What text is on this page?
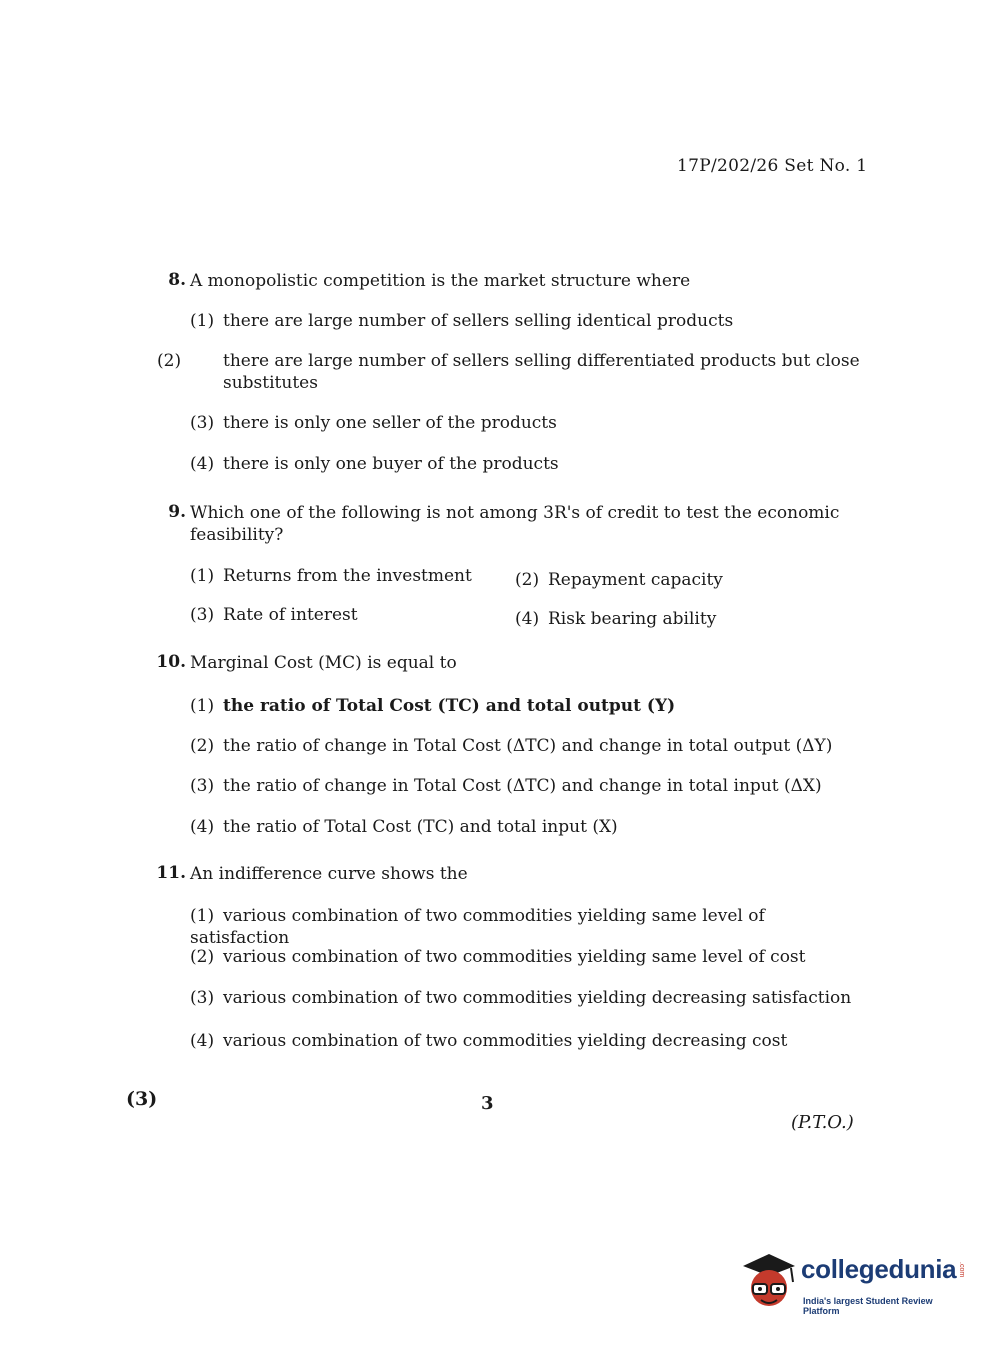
17P/202/26 Set No. 1
8. A monopolistic competition is the market structure where
(1) there are large number of sellers selling identical products
(2) there are large number of sellers selling differentiated products but close substitutes
(3) there is only one seller of the products
(4) there is only one buyer of the products
9. Which one of the following is not among 3R's of credit to test the economic feasibility?
(1) Returns from the investment	(2) Repayment capacity
(3) Rate of interest	(4) Risk bearing ability
10. Marginal Cost (MC) is equal to
(1) the ratio of Total Cost (TC) and total output (Y)
(2) the ratio of change in Total Cost (ΔTC) and change in total output (ΔY)
(3) the ratio of change in Total Cost (ΔTC) and change in total input (ΔX)
(4) the ratio of Total Cost (TC) and total input (X)
11. An indifference curve shows the
(1) various combination of two commodities yielding same level of satisfaction
(2) various combination of two commodities yielding same level of cost
(3) various combination of two commodities yielding decreasing satisfaction
(4) various combination of two commodities yielding decreasing cost
(3)	3
(P.T.O.)
collegedunia .com
India's largest Student Review Platform
